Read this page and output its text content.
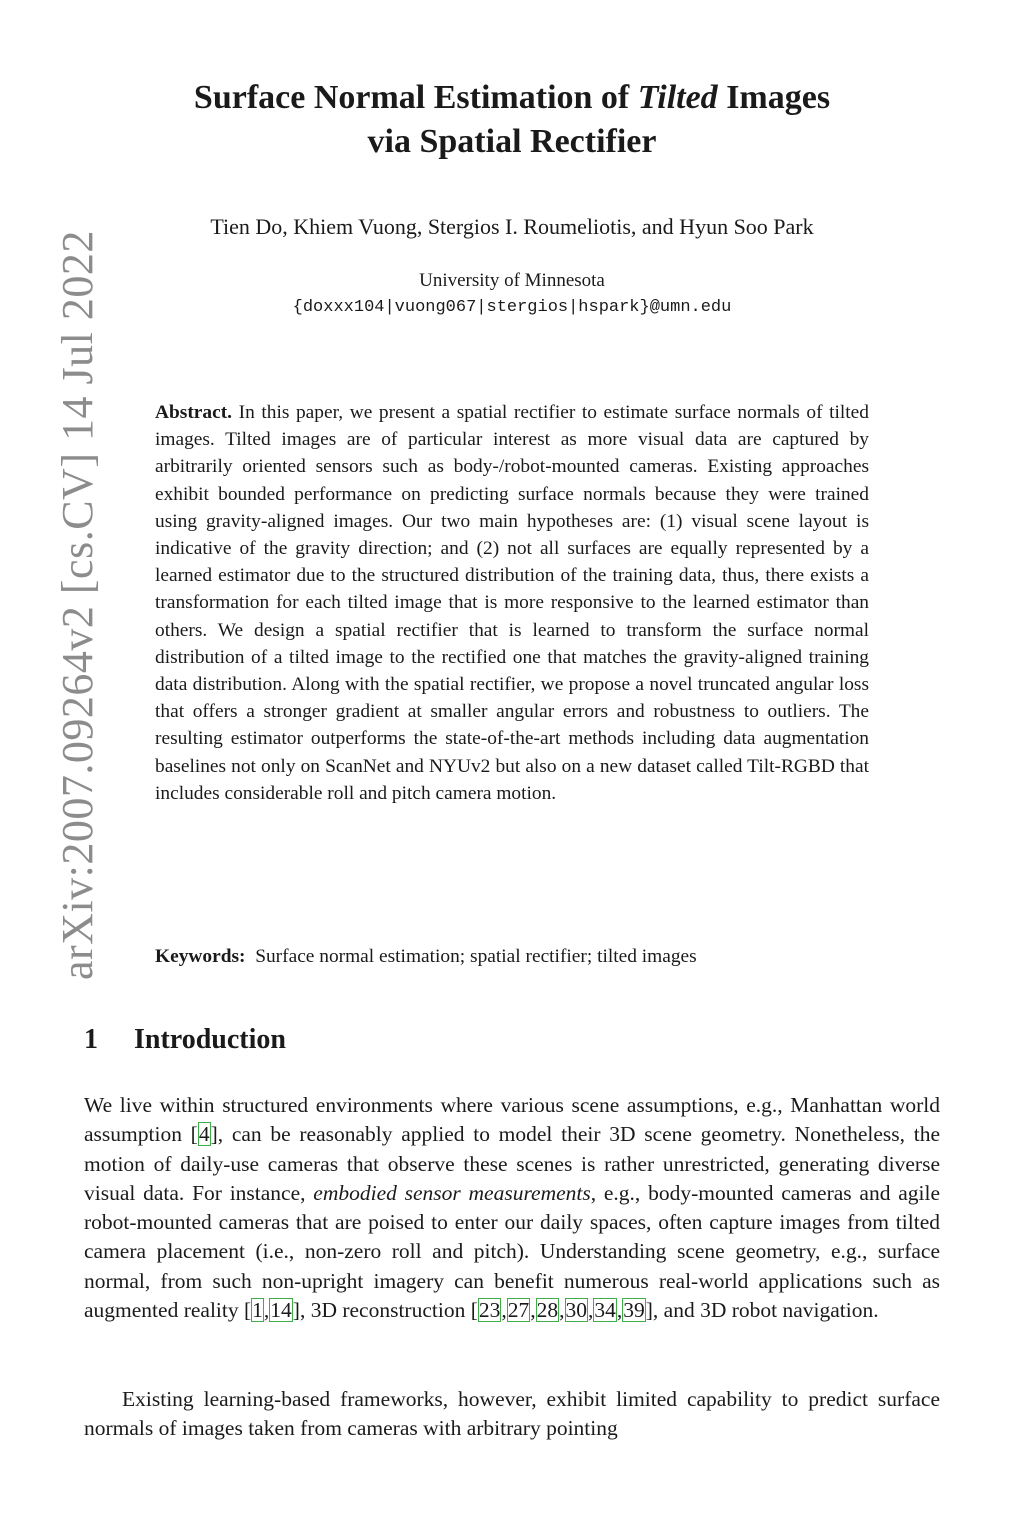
arXiv:2007.09264v2 [cs.CV] 14 Jul 2022
Surface Normal Estimation of Tilted Images
via Spatial Rectifier
Tien Do, Khiem Vuong, Stergios I. Roumeliotis, and Hyun Soo Park
University of Minnesota
{doxxx104|vuong067|stergios|hspark}@umn.edu
Abstract. In this paper, we present a spatial rectifier to estimate surface normals of tilted images. Tilted images are of particular interest as more visual data are captured by arbitrarily oriented sensors such as body-/robot-mounted cameras. Existing approaches exhibit bounded performance on predicting surface normals because they were trained using gravity-aligned images. Our two main hypotheses are: (1) visual scene layout is indicative of the gravity direction; and (2) not all surfaces are equally represented by a learned estimator due to the structured distribution of the training data, thus, there exists a transformation for each tilted image that is more responsive to the learned estimator than others. We design a spatial rectifier that is learned to transform the surface normal distribution of a tilted image to the rectified one that matches the gravity-aligned training data distribution. Along with the spatial rectifier, we propose a novel truncated angular loss that offers a stronger gradient at smaller angular errors and robustness to outliers. The resulting estimator outperforms the state-of-the-art methods including data augmentation baselines not only on ScanNet and NYUv2 but also on a new dataset called Tilt-RGBD that includes considerable roll and pitch camera motion.
Keywords: Surface normal estimation; spatial rectifier; tilted images
1 Introduction
We live within structured environments where various scene assumptions, e.g., Manhattan world assumption [4], can be reasonably applied to model their 3D scene geometry. Nonetheless, the motion of daily-use cameras that observe these scenes is rather unrestricted, generating diverse visual data. For instance, embodied sensor measurements, e.g., body-mounted cameras and agile robot-mounted cameras that are poised to enter our daily spaces, often capture images from tilted camera placement (i.e., non-zero roll and pitch). Understanding scene geometry, e.g., surface normal, from such non-upright imagery can benefit numerous real-world applications such as augmented reality [1,14], 3D reconstruction [23,27,28,30,34,39], and 3D robot navigation.
Existing learning-based frameworks, however, exhibit limited capability to predict surface normals of images taken from cameras with arbitrary pointing
